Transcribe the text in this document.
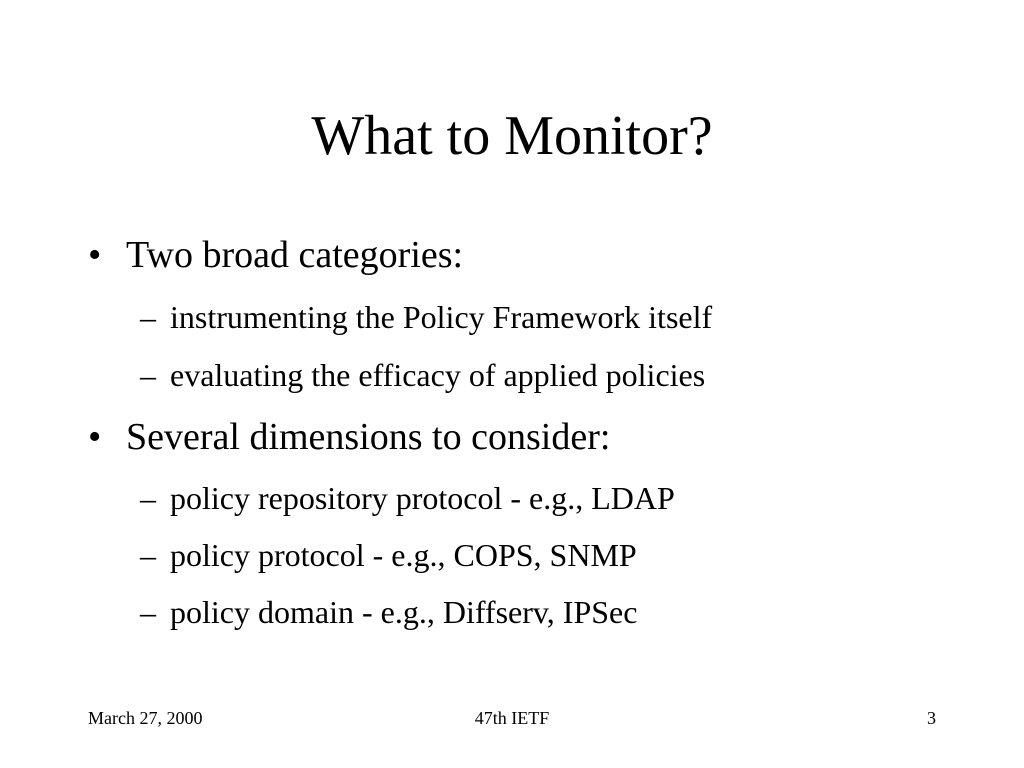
What to Monitor?
• Two broad categories:
– instrumenting the Policy Framework itself
– evaluating the efficacy of applied policies
• Several dimensions to consider:
– policy repository protocol - e.g., LDAP
– policy protocol - e.g., COPS, SNMP
– policy domain - e.g., Diffserv, IPSec
March 27, 2000	47th IETF	3
